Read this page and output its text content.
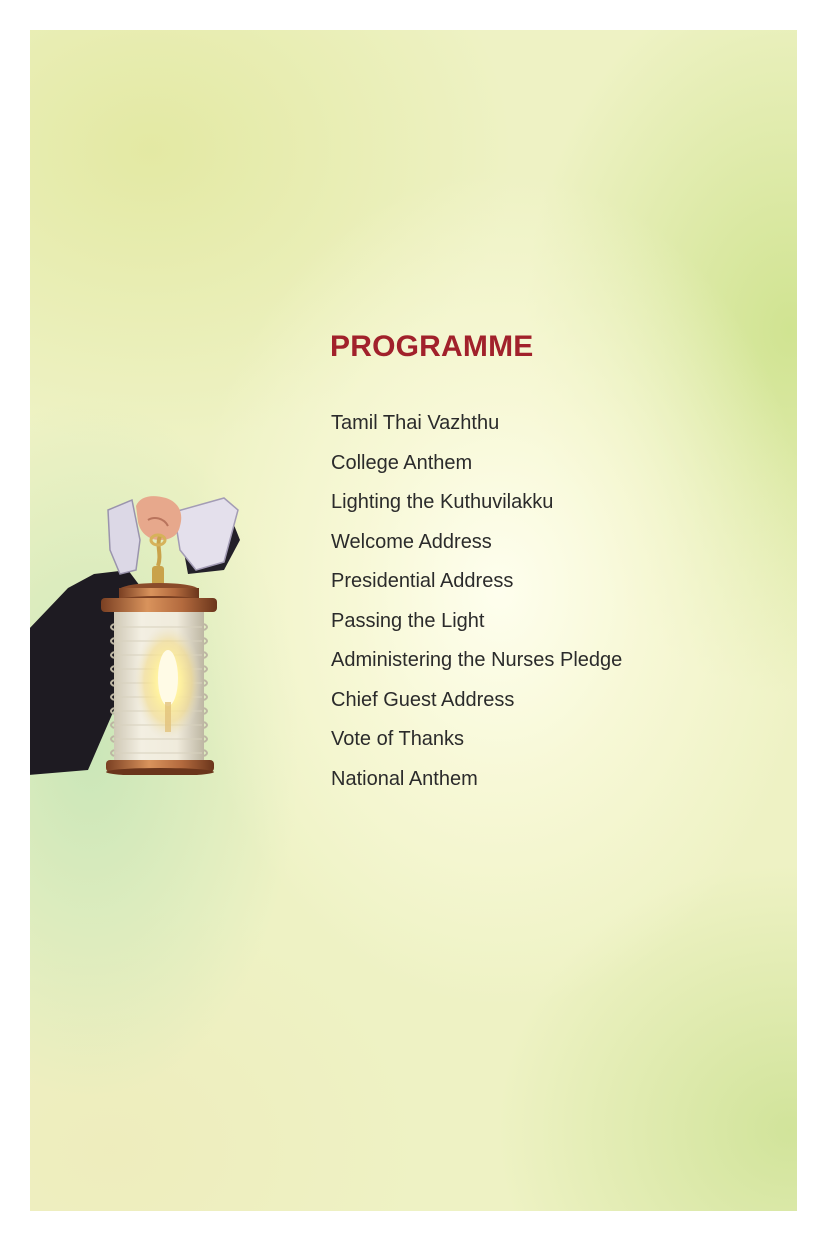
PROGRAMME
Tamil Thai Vazhthu
College Anthem
Lighting the Kuthuvilakku
Welcome Address
Presidential Address
Passing the Light
Administering the Nurses Pledge
Chief Guest Address
Vote of Thanks
National Anthem
